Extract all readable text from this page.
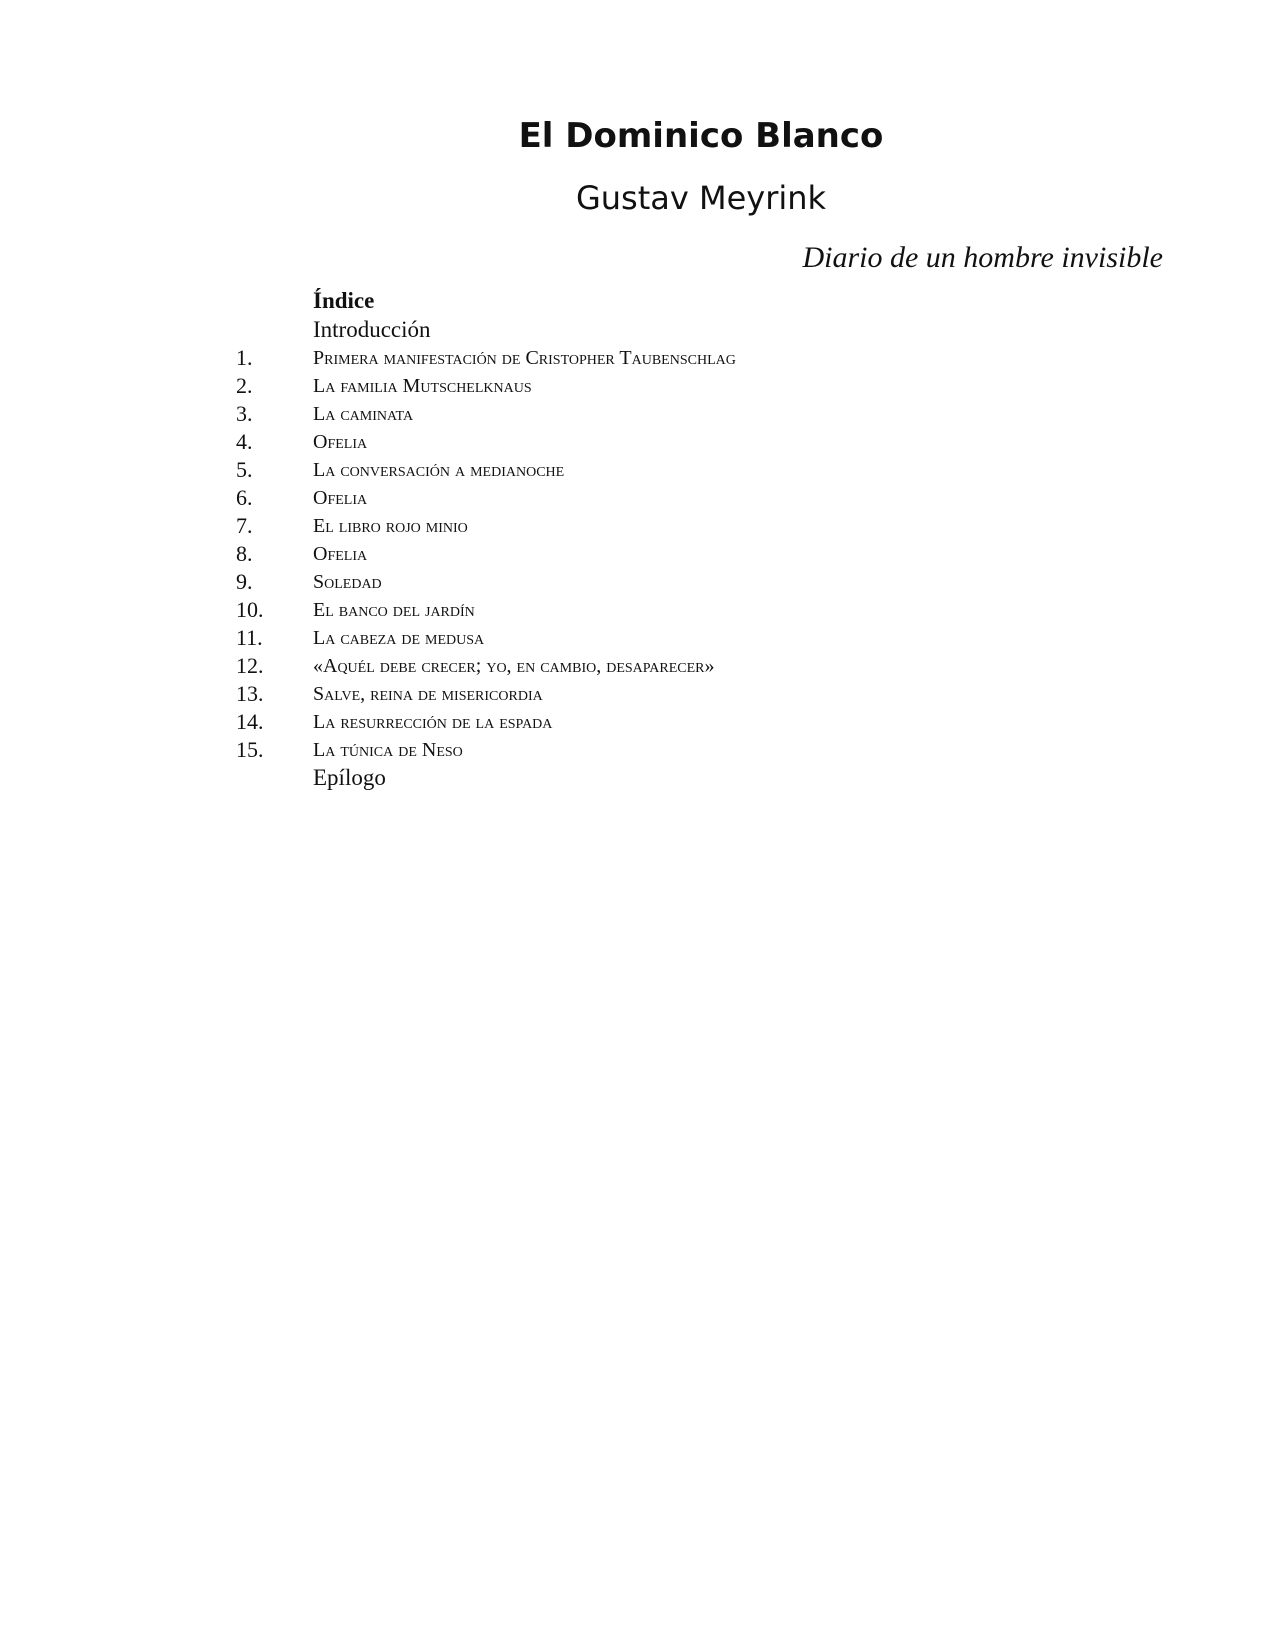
El Dominico Blanco
Gustav Meyrink
Diario de un hombre invisible
Índice
Introducción
1.	Primera manifestación de Cristopher Taubenschlag
2.	La familia Mutschelknaus
3.	La caminata
4.	Ofelia
5.	La conversación a medianoche
6.	Ofelia
7.	El libro rojo minio
8.	Ofelia
9.	Soledad
10. El banco del jardín
11.	La cabeza de medusa
12. «Aquél debe crecer; yo, en cambio, desaparecer»
13. Salve, reina de misericordia
14. La resurrección de la espada
15. La túnica de Neso
Epílogo
